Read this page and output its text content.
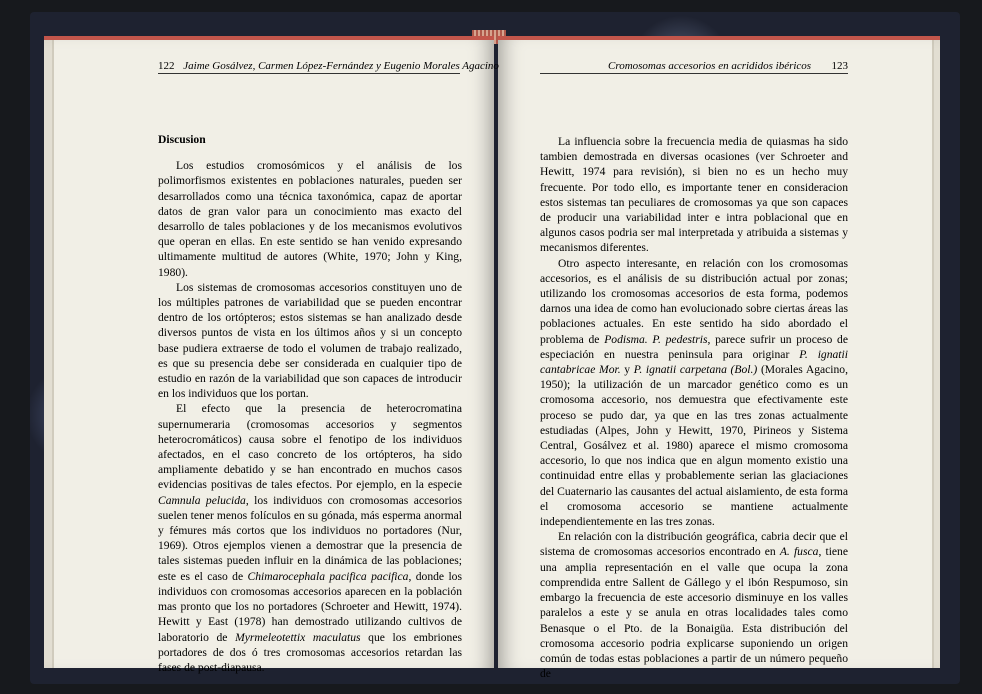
122 Jaime Gosálvez, Carmen López-Fernández y Eugenio Morales Agacino	Cromosomas accesorios en acrididos ibéricos 123
Discusion

Los estudios cromosómicos y el análisis de los polimorfismos existentes en poblaciones naturales, pueden ser desarrollados como una técnica taxonómica, capaz de aportar datos de gran valor para un conocimiento mas exacto del desarrollo de tales poblaciones y de los mecanismos evolutivos que operan en ellas. En este sentido se han venido expresando ultimamente multitud de autores (White, 1970; John y King, 1980).

Los sistemas de cromosomas accesorios constituyen uno de los múltiples patrones de variabilidad que se pueden encontrar dentro de los ortópteros; estos sistemas se han analizado desde diversos puntos de vista en los últimos años y si un concepto base pudiera extraerse de todo el volumen de trabajo realizado, es que su presencia debe ser considerada en cualquier tipo de estudio en razón de la variabilidad que son capaces de introducir en los individuos que los portan.

El efecto que la presencia de heterocromatina supernumeraria (cromosomas accesorios y segmentos heterocromáticos) causa sobre el fenotipo de los individuos afectados, en el caso concreto de los ortópteros, ha sido ampliamente debatido y se han encontrado en muchos casos evidencias positivas de tales efectos. Por ejemplo, en la especie Camnula pelucida, los individuos con cromosomas accesorios suelen tener menos folículos en su gónada, más esperma anormal y fémures más cortos que los individuos no portadores (Nur, 1969). Otros ejemplos vienen a demostrar que la presencia de tales sistemas pueden influir en la dinámica de las poblaciones; este es el caso de Chimarocephala pacifica pacifica, donde los individuos con cromosomas accesorios aparecen en la población mas pronto que los no portadores (Schroeter and Hewitt, 1974). Hewitt y East (1978) han demostrado utilizando cultivos de laboratorio de Myrmeleotettix maculatus que los embriones portadores de dos ó tres cromosomas accesorios retardan las fases de post-diapausa.

La influencia sobre la frecuencia media de quiasmas ha sido tambien demostrada en diversas ocasiones (ver Schroeter and Hewitt, 1974 para revisión), si bien no es un hecho muy frecuente. Por todo ello, es importante tener en consideracion estos sistemas tan peculiares de cromosomas ya que son capaces de producir una variabilidad inter e intra poblacional que en algunos casos podria ser mal interpretada y atribuida a sistemas y mecanismos diferentes.

Otro aspecto interesante, en relación con los cromosomas accesorios, es el análisis de su distribución actual por zonas; utilizando los cromosomas accesorios de esta forma, podemos darnos una idea de como han evolucionado sobre ciertas áreas las poblaciones actuales. En este sentido ha sido abordado el problema de Podisma. P. pedestris, parece sufrir un proceso de especiación en nuestra peninsula para originar P. ignatii cantabricae Mor. y P. ignatii carpetana (Bol.) (Morales Agacino, 1950); la utilización de un marcador genético como es un cromosoma accesorio, nos demuestra que efectivamente este proceso se pudo dar, ya que en las tres zonas actualmente estudiadas (Alpes, John y Hewitt, 1970, Pirineos y Sistema Central, Gosálvez et al. 1980) aparece el mismo cromosoma accesorio, lo que nos indica que en algun momento existio una continuidad entre ellas y probablemente serian las glaciaciones del Cuaternario las causantes del actual aislamiento, de esta forma el cromosoma accesorio se mantiene actualmente independientemente en las tres zonas.

En relación con la distribución geográfica, cabria decir que el sistema de cromosomas accesorios encontrado en A. fusca, tiene una amplia representación en el valle que ocupa la zona comprendida entre Sallent de Gállego y el ibón Respumoso, sin embargo la frecuencia de este accesorio disminuye en los valles paralelos a este y se anula en otras localidades tales como Benasque o el Pto. de la Bonaigüa. Esta distribución del cromosoma accesorio podria explicarse suponiendo un origen común de todas estas poblaciones a partir de un número pequeño de
